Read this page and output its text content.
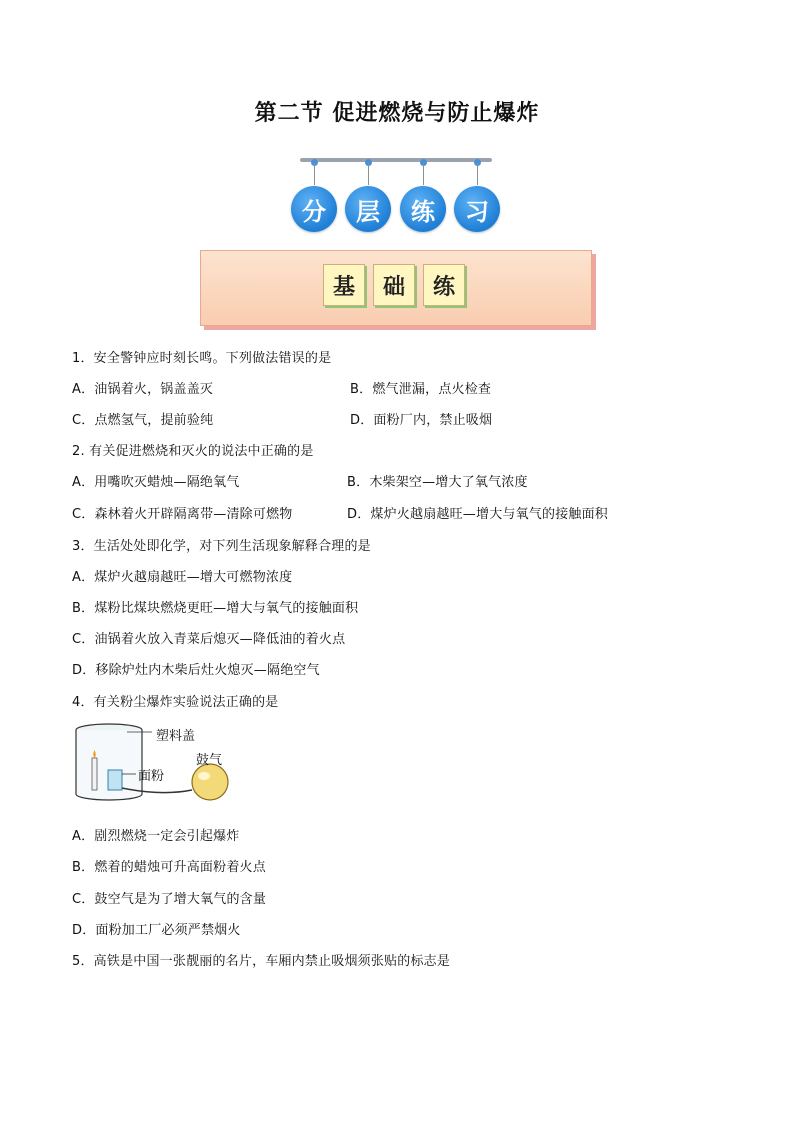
第二节 促进燃烧与防止爆炸
分	层	练	习
基	础	练
1．安全警钟应时刻长鸣。下列做法错误的是
A．油锅着火，锅盖盖灭	B．燃气泄漏，点火检查
C．点燃氢气，提前验纯	D．面粉厂内，禁止吸烟
2. 有关促进燃烧和灭火的说法中正确的是
A．用嘴吹灭蜡烛—隔绝氧气	B．木柴架空—增大了氧气浓度
C．森林着火开辟隔离带—清除可燃物	D．煤炉火越扇越旺—增大与氧气的接触面积
3．生活处处即化学，对下列生活现象解释合理的是
A．煤炉火越扇越旺—增大可燃物浓度
B．煤粉比煤块燃烧更旺—增大与氧气的接触面积
C．油锅着火放入青菜后熄灭—降低油的着火点
D．移除炉灶内木柴后灶火熄灭—隔绝空气
4．有关粉尘爆炸实验说法正确的是
塑料盖
鼓气
面粉
A．剧烈燃烧一定会引起爆炸
B．燃着的蜡烛可升高面粉着火点
C．鼓空气是为了增大氧气的含量
D．面粉加工厂必须严禁烟火
5．高铁是中国一张靓丽的名片，车厢内禁止吸烟须张贴的标志是
